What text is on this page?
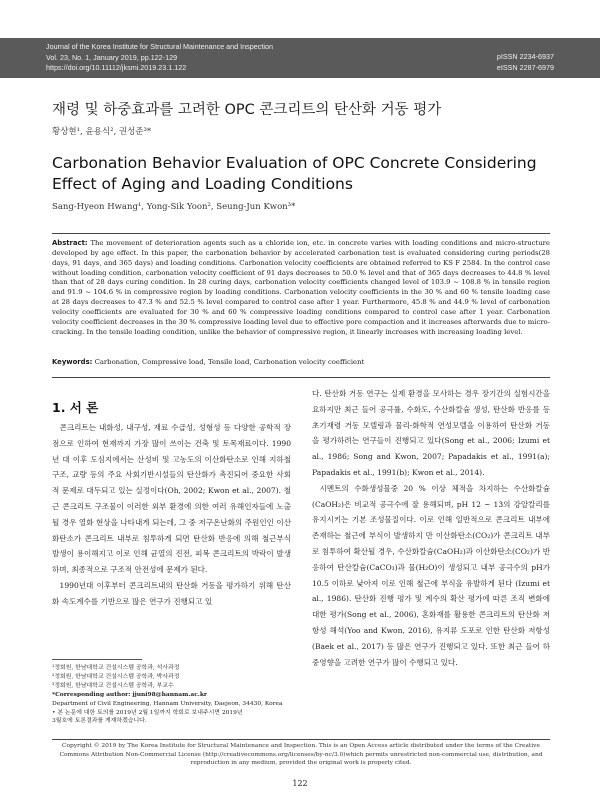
Journal of the Korea Institute for Structural Maintenance and Inspection
Vol. 23, No. 1, January 2019, pp.122-129
https://doi.org/10.11112/jksmi.2019.23.1.122
pISSN 2234-6937
eISSN 2287-6979
재령 및 하중효과를 고려한 OPC 콘크리트의 탄산화 거동 평가
황상현¹, 윤용식², 권성준³*
Carbonation Behavior Evaluation of OPC Concrete Considering Effect of Aging and Loading Conditions
Sang-Hyeon Hwang¹, Yong-Sik Yoon², Seung-Jun Kwon³*
Abstract: The movement of deterioration agents such as a chloride ion, etc. in concrete varies with loading conditions and micro-structure developed by age effect. In this paper, the carbonation behavior by accelerated carbonation test is evaluated considering curing periods(28 days, 91 days, and 365 days) and loading conditions. Carbonation velocity coefficients are obtained referred to KS F 2584. In the control case without loading condition, carbonation velocity coefficient of 91 days decreases to 50.0 % level and that of 365 days decreases to 44.8 % level than that of 28 days curing condition. In 28 curing days, carbonation velocity coefficients changed level of 103.9 ~ 108.8 % in tensile region and 91.9 ~ 104.6 % in compressive region by loading conditions. Carbonation velocity coefficients in the 30 % and 60 % tensile loading case at 28 days decreases to 47.3 % and 52.5 % level compared to control case after 1 year. Furthermore, 45.8 % and 44.9 % level of carbonation velocity coefficients are evaluated for 30 % and 60 % compressive loading conditions compared to control case after 1 year. Carbonation velocity coefficient decreases in the 30 % compressive loading level due to effective pore compaction and it increases afterwards due to micro-cracking. In the tensile loading condition, unlike the behavior of compressive region, it linearly increases with increasing loading level.
Keywords: Carbonation, Compressive load, Tensile load, Carbonation velocity coefficient
1. 서 론

콘크리트는 내화성, 내구성, 재료 수급성, 성형성 등 다양한 공학적 장점으로 인하여 현재까지 가장 많이 쓰이는 건축 및 토목재료이다. 1990년 대 이후 도심지에서는 산성비 및 고농도의 이산화탄소로 인해 지하철 구조, 교량 등의 주요 사회기반시설들의 탄산화가 촉진되어 중요한 사회적 문제로 대두되고 있는 실정이다(Oh, 2002; Kwon et al., 2007). 철근 콘크리트 구조물이 이러한 외부 환경에 의한 여러 유해인자들에 노출될 경우 열화 현상을 나타내게 되는데, 그 중 저구온난화의 주원인인 이산화탄소가 콘크리트 내부로 침투하게 되면 탄산화 반응에 의해 철근부식 발생이 용이해지고 이로 인해 균열의 진전, 피복 콘크리트의 박락이 발생하며, 최종적으로 구조적 안전성에 문제가 된다.

1990년대 이후부터 콘크리트내의 탄산화 거동을 평가하기 위해 탄산화 속도계수를 기반으로 많은 연구가 진행되고 있

다. 탄산화 거동 연구는 실제 환경을 모사하는 경우 장기간의 실험시간을 요하지만 최근 들어 공극률, 수화도, 수산화칼슘 생성, 탄산화 반응를 등 초기재령 거동 모델링과 물리-화학적 연성모델을 이용하여 탄산화 거동을 평가하려는 연구들이 진행되고 있다(Song et al., 2006; Izumi et al., 1986; Song and Kwon, 2007; Papadakis et al., 1991(a); Papadakis et al., 1991(b); Kwon et al., 2014).

시멘트의 수화생성물중 20 % 이상 체적을 차지하는 수산화칼슘(CaOH₂)은 비교적 공극수에 잘 용해되며, pH 12 ~ 13의 강알칼리를 유지시키는 기본 조성물질이다. 이로 인해 일반적으로 콘크리트 내부에 존재하는 철근에 부식이 발생하지 만 이산화탄소(CO₂)가 콘크리트 내부로 침투하여 확산될 경우, 수산화칼슘(CaOH₂)과 이산화탄소(CO₂)가 반응하여 탄산칼슘(CaCO₃)과 물(H₂O)이 생성되고 내부 공극수의 pH가 10.5 이하로 낮아져 이로 인해 철근에 부식을 유발하게 된다 (Izumi et al., 1986). 탄산화 진행 평가 및 계수의 확산 평가에 따른 조직 변화에 대한 평가(Song et al., 2006), 혼화재를 활용한 콘크리트의 탄산화 저항성 해석(Yoo and Kwon, 2016), 유지류 도포로 인한 탄산화 저항성(Baek et al., 2017) 등 많은 연구가 진행되고 있다. 또한 최근 들어 하중영향을 고려한 연구가 많이 수행되고 있다.

¹정회원, 한남대학교 건설시스템 공학과, 석사과정
²정회원, 한남대학교 건설시스템 공학과, 박사과정
³정회원, 한남대학교 건설시스템 공학과, 부교수
*Corresponding author: jjuni98@hannam.ac.kr
Department of Civil Engineering, Hannam University, Daejeon, 34430, Korea
• 본 논문에 대한 토의를 2019년 2월 1일까지 학회로 보내주시면 2019년
3월호에 토론결과를 게재하겠습니다.
Copyright © 2019 by The Korea Institute for Structural Maintenance and Inspection. This is an Open Access article distributed under the terms of the Creative Commons Attribution Non-Commercial License (http://creativecommons.org/licenses/by-nc/3.0)which permits unrestricted non-commercial use, distribution, and reproduction in any medium, provided the original work is properly cited.
122
